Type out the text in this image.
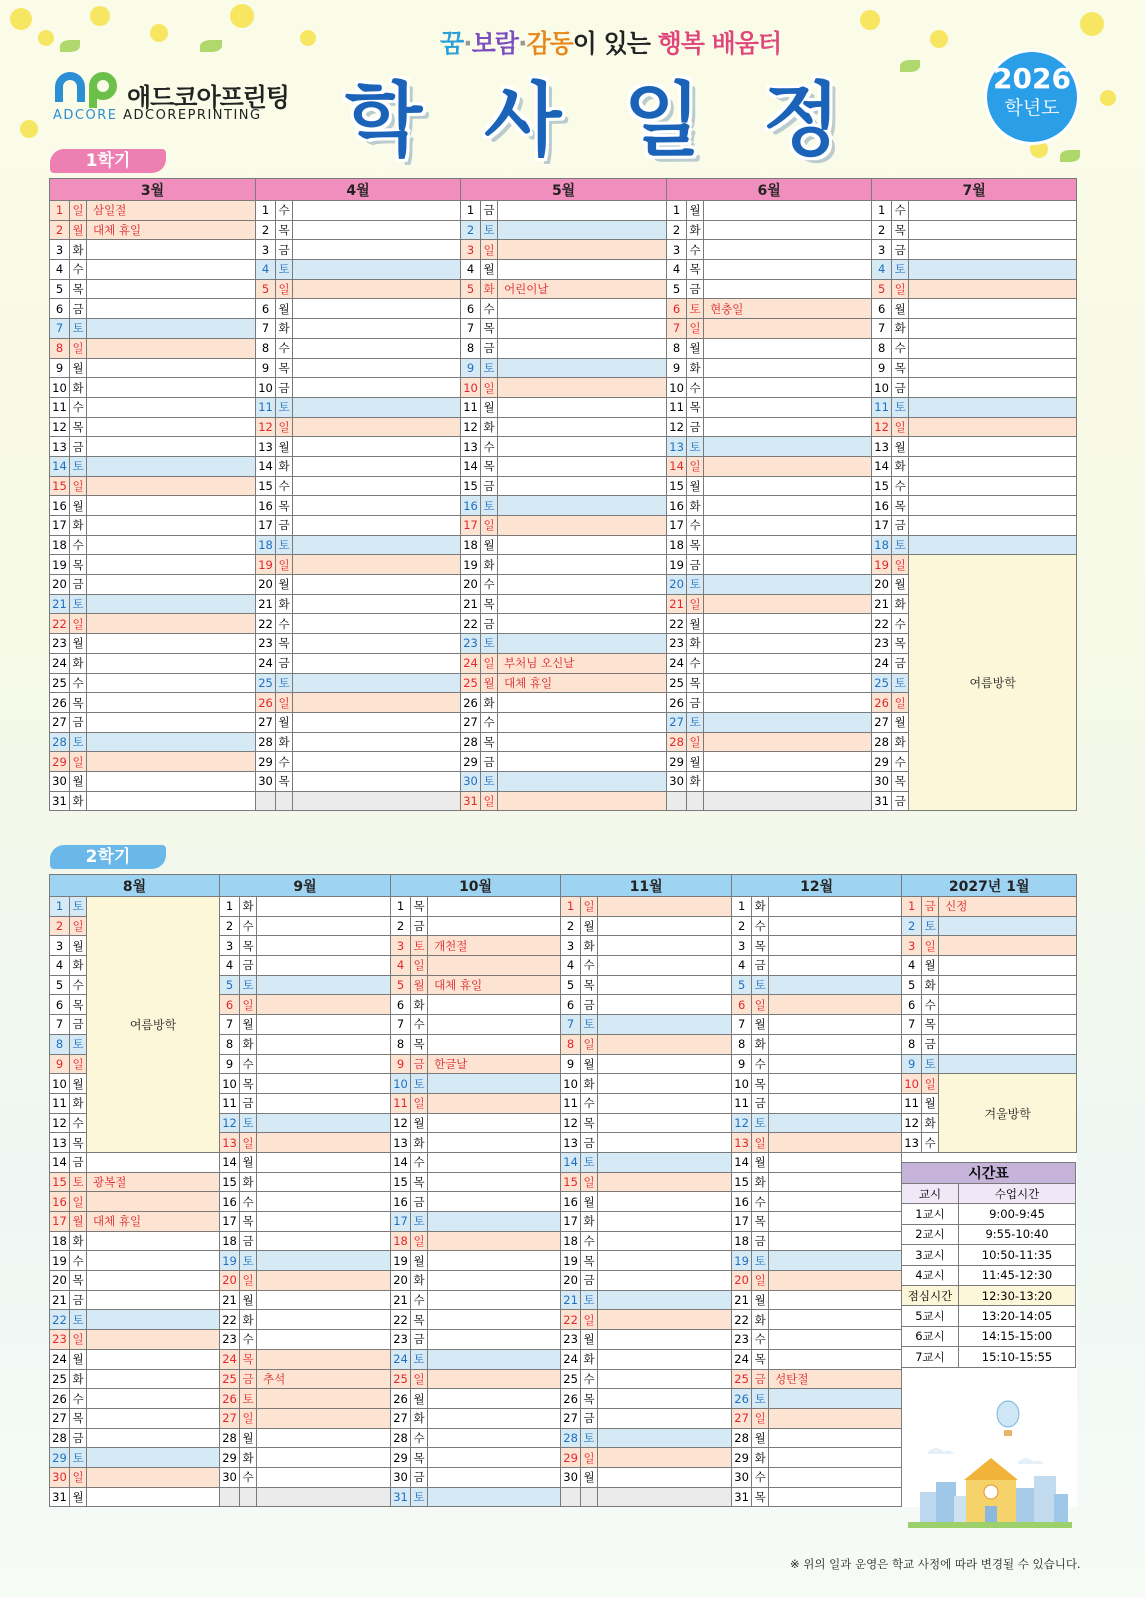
애드코아프린팅
ADCORE ADCOREPRINTING
꿈·보람·감동이 있는 행복 배움터
학사일정	2026
학년도
1학기
3월			4월			5월			6월			7월		
1	일	삼일절	1	수		1	금		1	월		1	수	
2	월	대체 휴일	2	목		2	토		2	화		2	목	
3	화		3	금		3	일		3	수		3	금	
4	수		4	토		4	월		4	목		4	토	
5	목		5	일		5	화	어린이날	5	금		5	일	
6	금		6	월		6	수		6	토	현충일	6	월	
7	토		7	화		7	목		7	일		7	화	
8	일		8	수		8	금		8	월		8	수	
9	월		9	목		9	토		9	화		9	목	
10	화		10	금		10	일		10	수		10	금	
11	수		11	토		11	월		11	목		11	토	
12	목		12	일		12	화		12	금		12	일	
13	금		13	월		13	수		13	토		13	월	
14	토		14	화		14	목		14	일		14	화	
15	일		15	수		15	금		15	월		15	수	
16	월		16	목		16	토		16	화		16	목	
17	화		17	금		17	일		17	수		17	금	
18	수		18	토		18	월		18	목		18	토	
19	목		19	일		19	화		19	금		19	일	여름방학
20	금		20	월		20	수		20	토		20	월	
21	토		21	화		21	목		21	일		21	화	
22	일		22	수		22	금		22	월		22	수	
23	월		23	목		23	토		23	화		23	목	
24	화		24	금		24	일	부처님 오신날	24	수		24	금	
25	수		25	토		25	월	대체 휴일	25	목		25	토	
26	목		26	일		26	화		26	금		26	일	
27	금		27	월		27	수		27	토		27	월	
28	토		28	화		28	목		28	일		28	화	
29	일		29	수		29	금		29	월		29	수	
30	월		30	목		30	토		30	화		30	목	
31	화					31	일					31	금	
2학기
8월			9월			10월			11월			12월			2027년 1월		
1	토	여름방학	1	화		1	목		1	일		1	화		1	금	신정
2	일		2	수		2	금		2	월		2	수		2	토	
3	월		3	목		3	토	개천절	3	화		3	목		3	일	
4	화		4	금		4	일		4	수		4	금		4	월	
5	수		5	토		5	월	대체 휴일	5	목		5	토		5	화	
6	목		6	일		6	화		6	금		6	일		6	수	
7	금		7	월		7	수		7	토		7	월		7	목	
8	토		8	화		8	목		8	일		8	화		8	금	
9	일		9	수		9	금	한글날	9	월		9	수		9	토	
10	월		10	목		10	토		10	화		10	목		10	일	겨울방학
11	화		11	금		11	일		11	수		11	금		11	월	
12	수		12	토		12	월		12	목		12	토		12	화	
13	목		13	일		13	화		13	금		13	일		13	수	
14	금		14	월		14	수		14	토		14	월				
15	토	광복절	15	화		15	목		15	일		15	화				
16	일		16	수		16	금		16	월		16	수				
17	월	대체 휴일	17	목		17	토		17	화		17	목				
18	화		18	금		18	일		18	수		18	금				
19	수		19	토		19	월		19	목		19	토				
20	목		20	일		20	화		20	금		20	일				
21	금		21	월		21	수		21	토		21	월				
22	토		22	화		22	목		22	일		22	화				
23	일		23	수		23	금		23	월		23	수				
24	월		24	목		24	토		24	화		24	목				
25	화		25	금	추석	25	일		25	수		25	금	성탄절			
26	수		26	토		26	월		26	목		26	토				
27	목		27	일		27	화		27	금		27	일				
28	금		28	월		28	수		28	토		28	월				
29	토		29	화		29	목		29	일		29	화				
30	일		30	수		30	금		30	월		30	수				
31	월					31	토					31	목				
시간표	
교시	수업시간
1교시	9:00-9:45
2교시	9:55-10:40
3교시	10:50-11:35
4교시	11:45-12:30
점심시간	12:30-13:20
5교시	13:20-14:05
6교시	14:15-15:00
7교시	15:10-15:55
※ 위의 일과 운영은 학교 사정에 따라 변경될 수 있습니다.
